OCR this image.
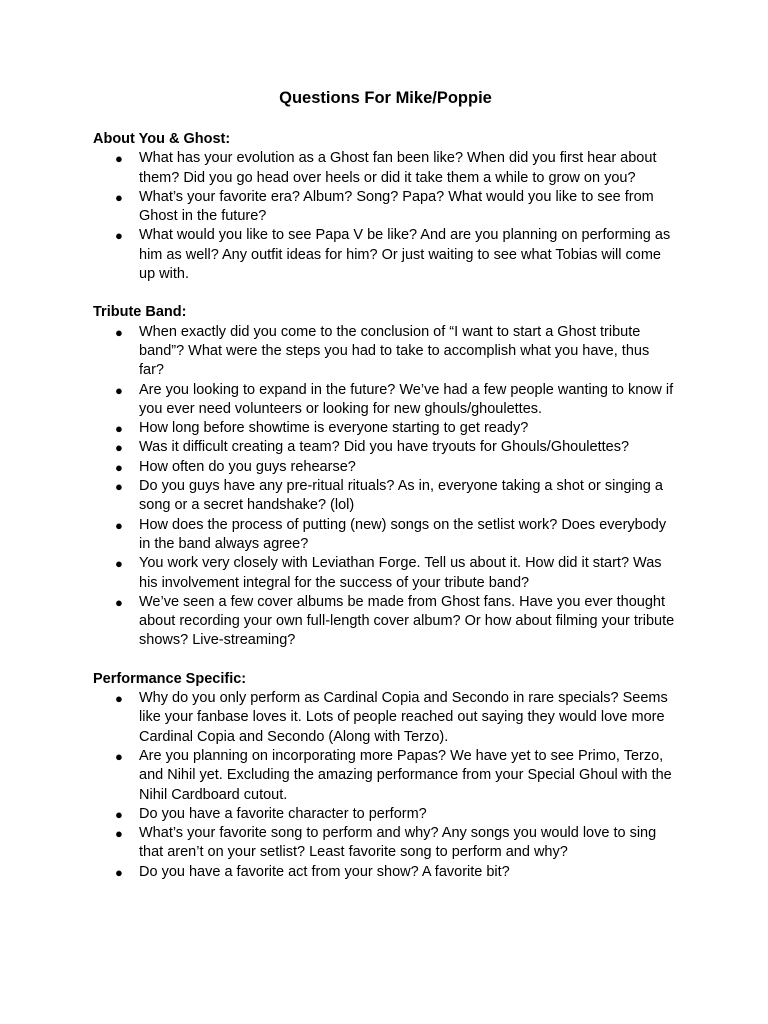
Questions For Mike/Poppie
About You & Ghost:
● What has your evolution as a Ghost fan been like? When did you first hear about them? Did you go head over heels or did it take them a while to grow on you?
● What’s your favorite era? Album? Song? Papa? What would you like to see from Ghost in the future?
● What would you like to see Papa V be like? And are you planning on performing as him as well? Any outfit ideas for him? Or just waiting to see what Tobias will come up with.
Tribute Band:
● When exactly did you come to the conclusion of “I want to start a Ghost tribute band”? What were the steps you had to take to accomplish what you have, thus far?
● Are you looking to expand in the future? We’ve had a few people wanting to know if you ever need volunteers or looking for new ghouls/ghoulettes.
● How long before showtime is everyone starting to get ready?
● Was it difficult creating a team? Did you have tryouts for Ghouls/Ghoulettes?
● How often do you guys rehearse?
● Do you guys have any pre-ritual rituals? As in, everyone taking a shot or singing a song or a secret handshake? (lol)
● How does the process of putting (new) songs on the setlist work? Does everybody in the band always agree?
● You work very closely with Leviathan Forge. Tell us about it. How did it start? Was his involvement integral for the success of your tribute band?
● We’ve seen a few cover albums be made from Ghost fans. Have you ever thought about recording your own full-length cover album? Or how about filming your tribute shows? Live-streaming?
Performance Specific:
● Why do you only perform as Cardinal Copia and Secondo in rare specials? Seems like your fanbase loves it. Lots of people reached out saying they would love more Cardinal Copia and Secondo (Along with Terzo).
● Are you planning on incorporating more Papas? We have yet to see Primo, Terzo, and Nihil yet. Excluding the amazing performance from your Special Ghoul with the Nihil Cardboard cutout.
● Do you have a favorite character to perform?
● What’s your favorite song to perform and why? Any songs you would love to sing that aren’t on your setlist? Least favorite song to perform and why?
● Do you have a favorite act from your show? A favorite bit?
